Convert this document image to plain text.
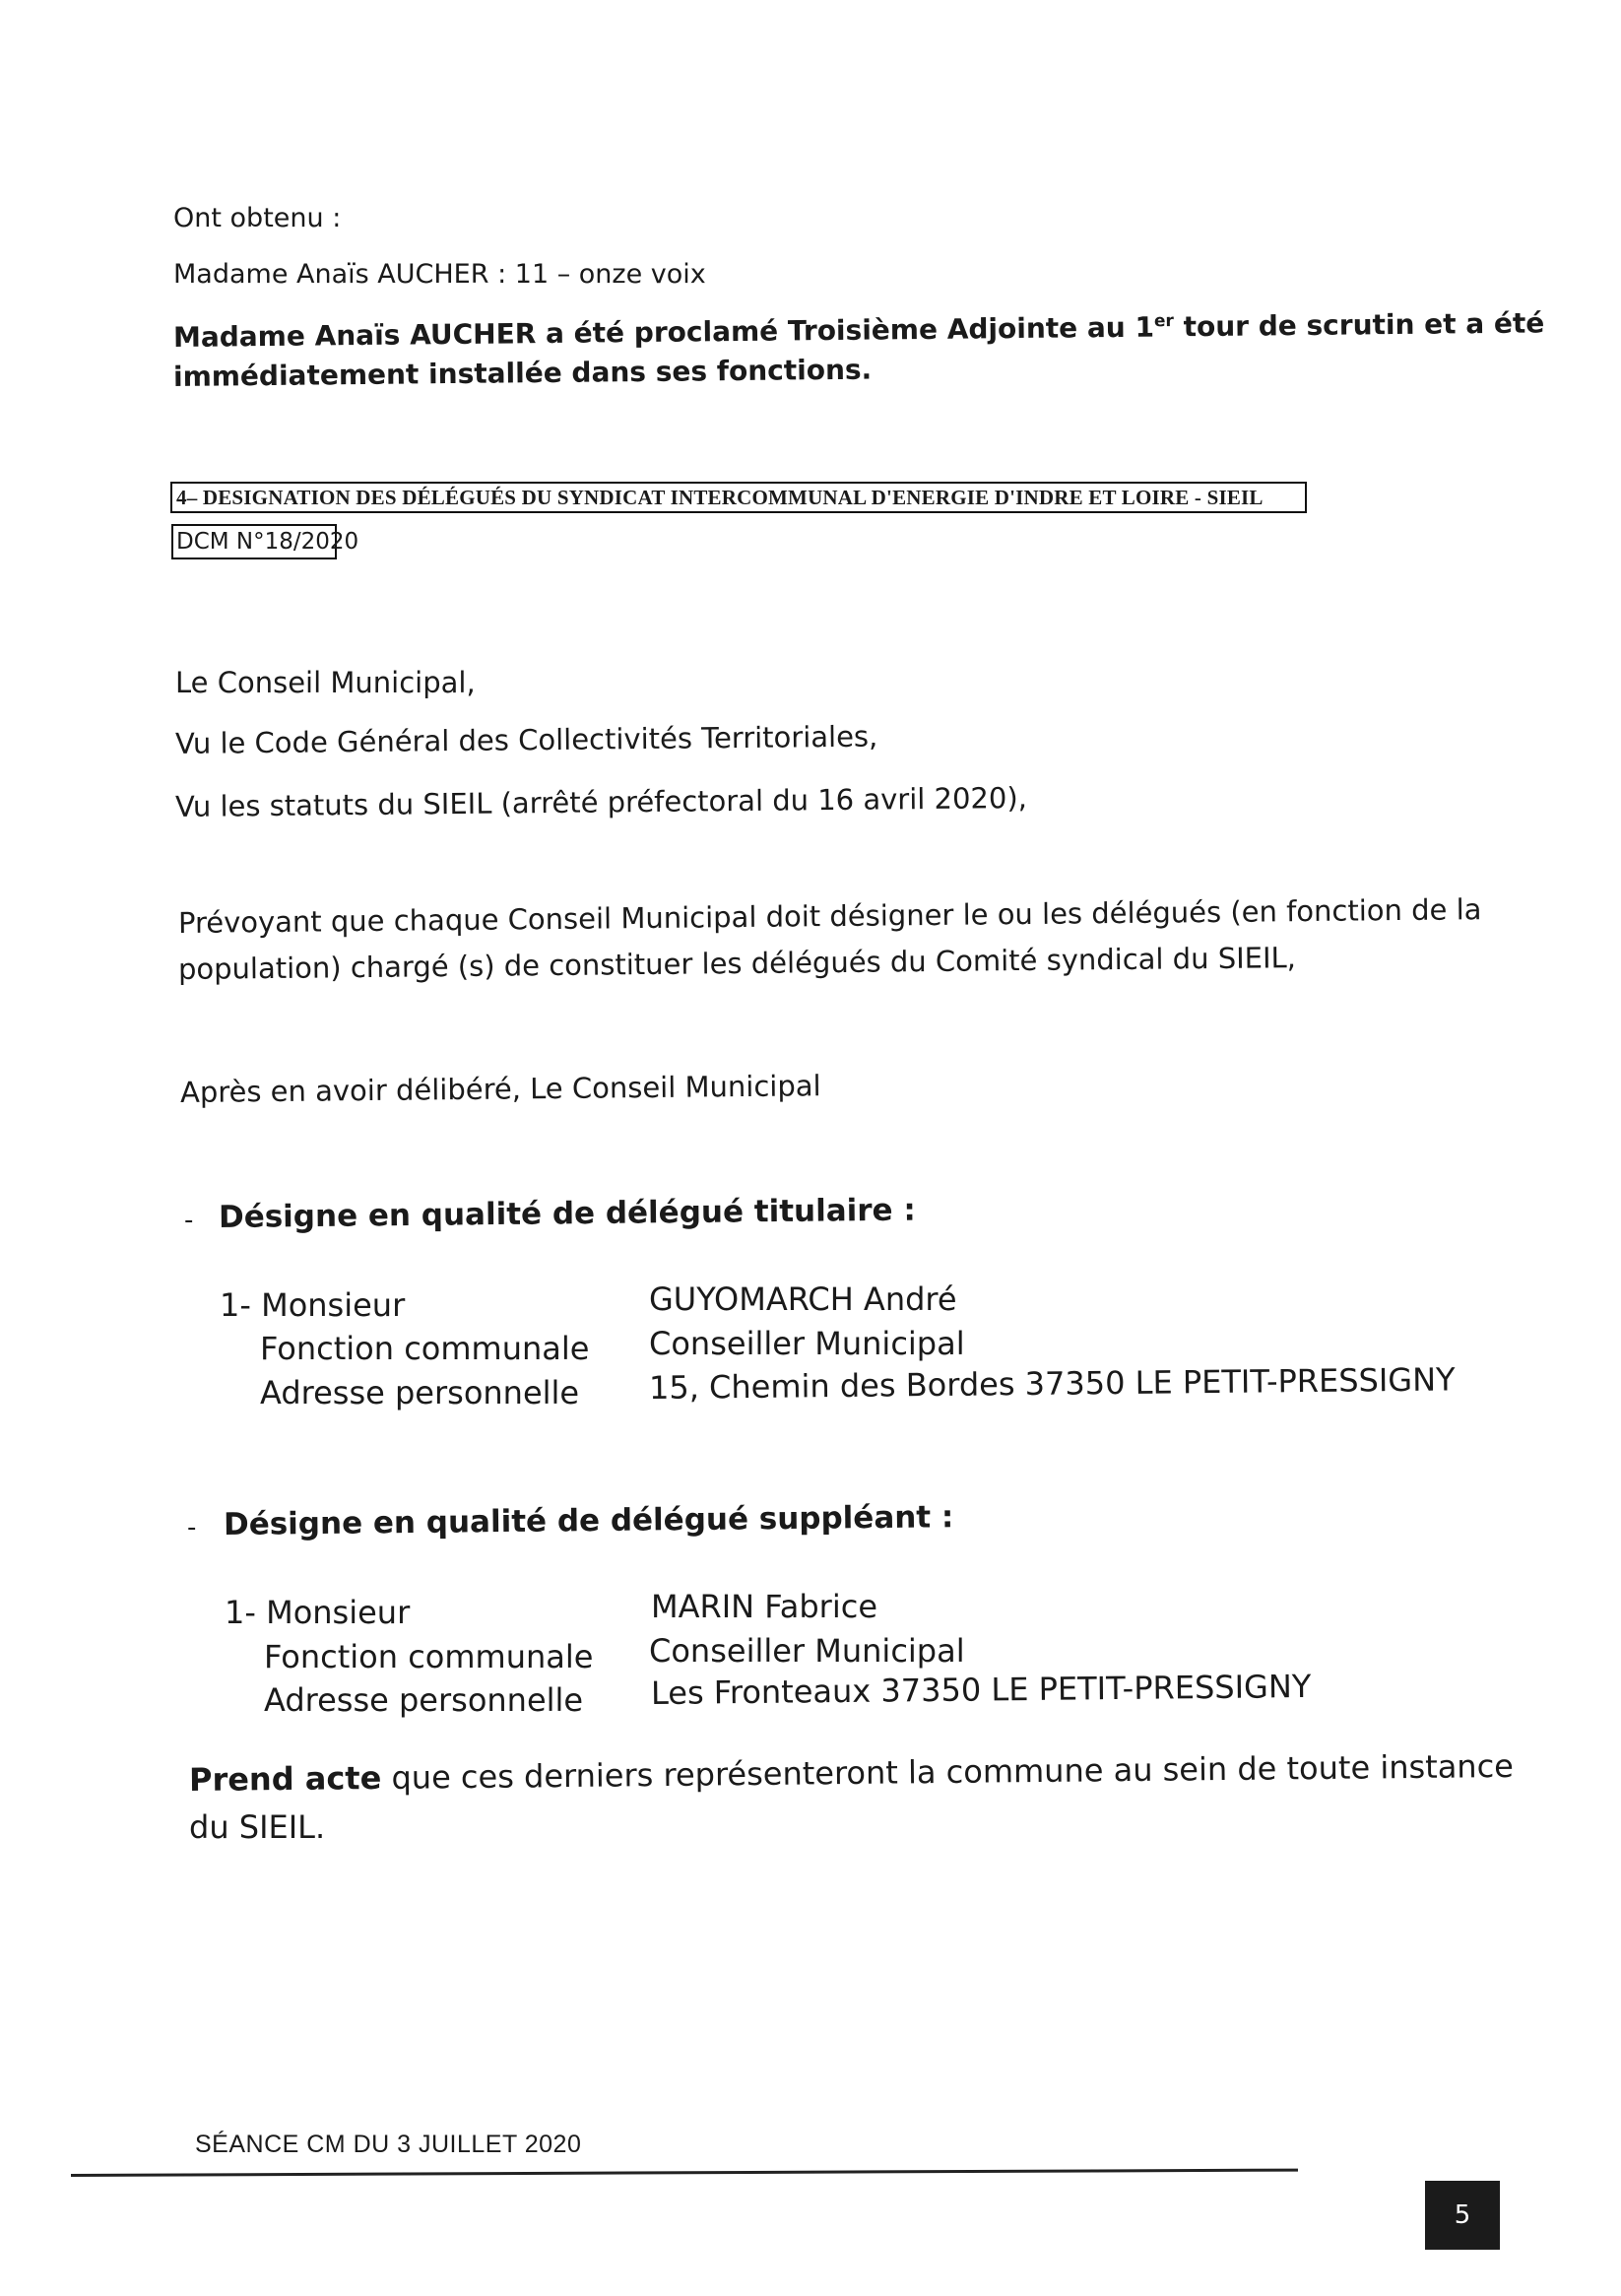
Ont obtenu :
Madame Anaïs AUCHER : 11 – onze voix
Madame Anaïs AUCHER a été proclamé Troisième Adjointe au 1er tour de scrutin et a été
immédiatement installée dans ses fonctions.
4– DESIGNATION DES DÉLÉGUÉS DU SYNDICAT INTERCOMMUNAL D'ENERGIE D'INDRE ET LOIRE - SIEIL
DCM N°18/2020
Le Conseil Municipal,
Vu le Code Général des Collectivités Territoriales,
Vu les statuts du SIEIL (arrêté préfectoral du 16 avril 2020),
Prévoyant que chaque Conseil Municipal doit désigner le ou les délégués (en fonction de la
population) chargé (s) de constituer les délégués du Comité syndical du SIEIL,
Après en avoir délibéré, Le Conseil Municipal
- Désigne en qualité de délégué titulaire :
1- Monsieur
Fonction communale
Adresse personnelle
GUYOMARCH André
Conseiller Municipal
15, Chemin des Bordes 37350 LE PETIT-PRESSIGNY
- Désigne en qualité de délégué suppléant :
1- Monsieur
Fonction communale
Adresse personnelle
MARIN Fabrice
Conseiller Municipal
Les Fronteaux 37350 LE PETIT-PRESSIGNY
Prend acte que ces derniers représenteront la commune au sein de toute instance
du SIEIL.
SÉANCE CM DU 3 JUILLET 2020
5
